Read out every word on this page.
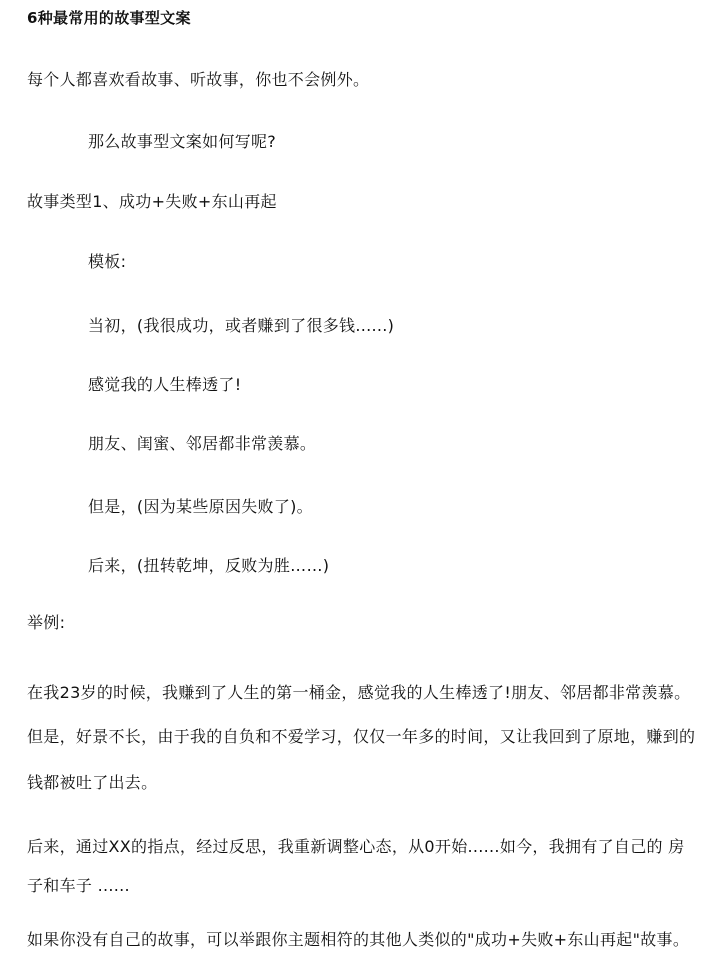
6种最常用的故事型文案
每个人都喜欢看故事、听故事，你也不会例外。
那么故事型文案如何写呢?
故事类型1、成功+失败+东山再起
模板:
当初，(我很成功，或者赚到了很多钱......)
感觉我的人生棒透了!
朋友、闺蜜、邻居都非常羡慕。
但是，(因为某些原因失败了)。
后来，(扭转乾坤，反败为胜……)
举例:
在我23岁的时候，我赚到了人生的第一桶金，感觉我的人生棒透了!朋友、邻居都非常羡慕。
但是，好景不长，由于我的自负和不爱学习，仅仅一年多的时间，又让我回到了原地，赚到的
钱都被吐了出去。
后来，通过XX的指点，经过反思，我重新调整心态，从0开始......如今，我拥有了自己的 房
子和车子 ......
如果你没有自己的故事，可以举跟你主题相符的其他人类似的"成功+失败+东山再起"故事。
